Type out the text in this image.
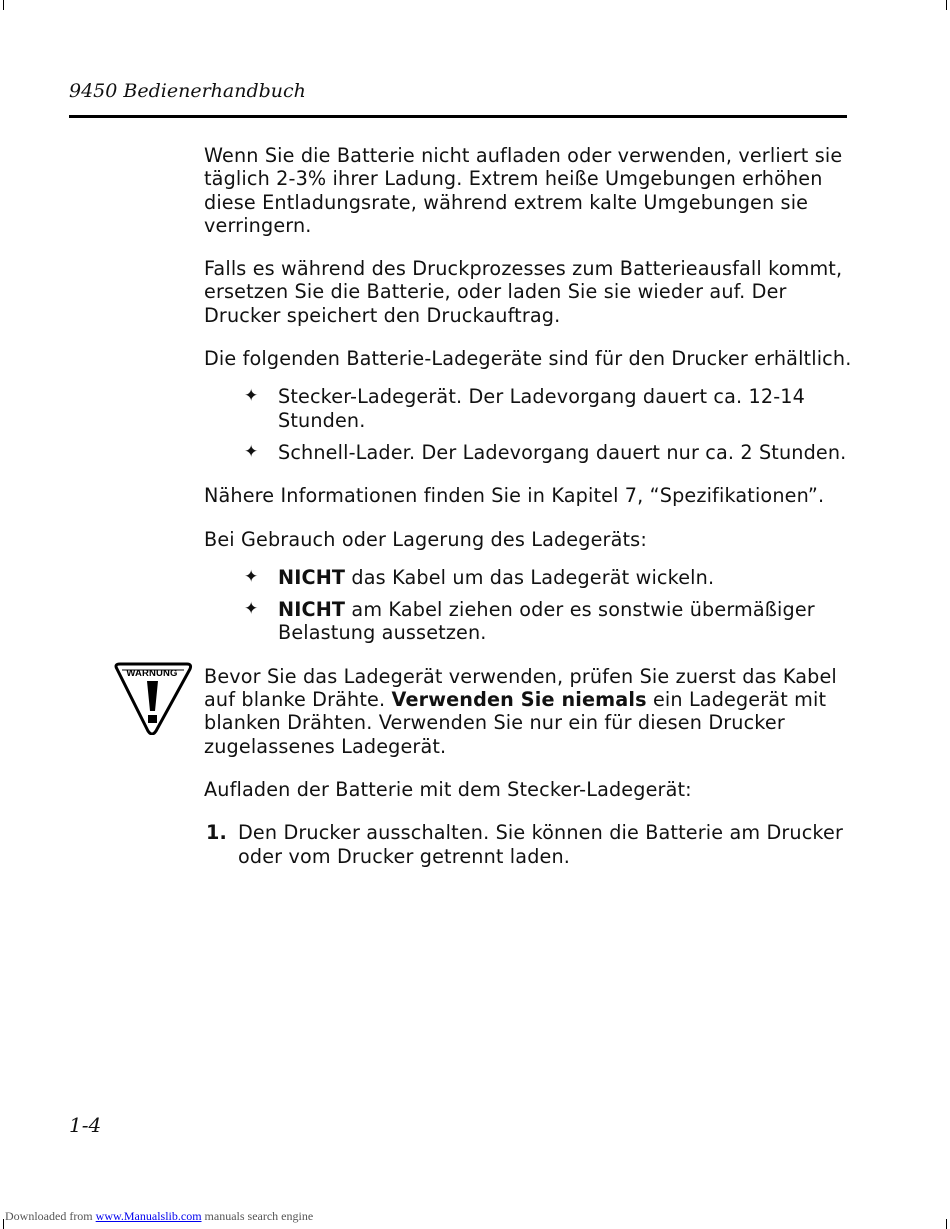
9450 Bedienerhandbuch

Wenn Sie die Batterie nicht aufladen oder verwenden, verliert sie täglich 2-3% ihrer Ladung. Extrem heiße Umgebungen erhöhen diese Entladungsrate, während extrem kalte Umgebungen sie verringern.

Falls es während des Druckprozesses zum Batterieausfall kommt, ersetzen Sie die Batterie, oder laden Sie sie wieder auf. Der Drucker speichert den Druckauftrag.

Die folgenden Batterie-Ladegeräte sind für den Drucker erhältlich.

✦ Stecker-Ladegerät. Der Ladevorgang dauert ca. 12-14 Stunden.
✦ Schnell-Lader. Der Ladevorgang dauert nur ca. 2 Stunden.

Nähere Informationen finden Sie in Kapitel 7, “Spezifikationen”.

Bei Gebrauch oder Lagerung des Ladegeräts:

✦ NICHT das Kabel um das Ladegerät wickeln.
✦ NICHT am Kabel ziehen oder es sonstwie übermäßiger Belastung aussetzen.
WARNUNG Bevor Sie das Ladegerät verwenden, prüfen Sie zuerst das Kabel auf blanke Drähte. Verwenden Sie niemals ein Ladegerät mit blanken Drähten. Verwenden Sie nur ein für diesen Drucker zugelassenes Ladegerät.

Aufladen der Batterie mit dem Stecker-Ladegerät:

1. Den Drucker ausschalten. Sie können die Batterie am Drucker oder vom Drucker getrennt laden.
1-4
Downloaded from www.Manualslib.com manuals search engine
